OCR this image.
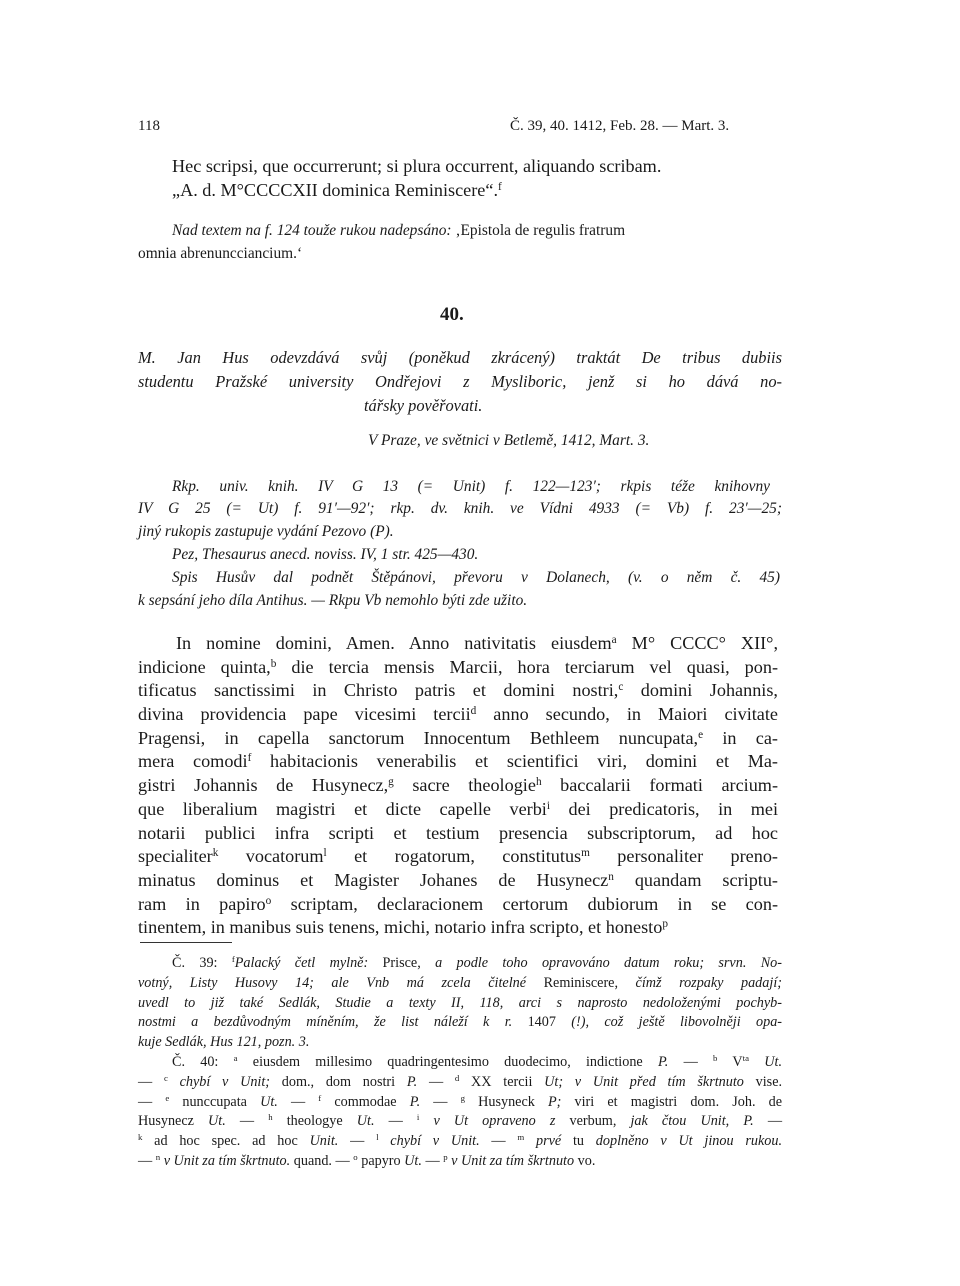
118	Č. 39, 40. 1412, Feb. 28. — Mart. 3.
Hec scripsi, que occurrerunt; si plura occurrent, aliquando scribam.
„A. d. M°CCCCXII dominica Reminiscere“.$^f$
Nad textem na f. 124 touže rukou nadepsáno: ‚Epistola de regulis fratrum
omnia abrenuncciancium.‘
40.
M. Jan Hus odevzdává svůj (poněkud zkrácený) traktát De tribus dubiis
studentu Pražské university Ondřejovi z Mysliboric, jenž si ho dává no-
tářsky pověřovati.
V Praze, ve světnici v Betlemě, 1412, Mart. 3.
Rkp. univ. knih. IV G 13 (= Unit) f. 122—123′; rkpis téže knihovny
IV G 25 (= Ut) f. 91′—92′; rkp. dv. knih. ve Vídni 4933 (= Vb) f. 23′—25;
jiný rukopis zastupuje vydání Pezovo (P).
Pez, Thesaurus anecd. noviss. IV, 1 str. 425—430.
Spis Husův dal podnět Štěpánovi, převoru v Dolanech, (v. o něm č. 45)
k sepsání jeho díla Antihus. — Rkpu Vb nemohlo býti zde užito.
In nomine domini, Amen. Anno nativitatis eiusdem$^a$ M° CCCC° XII°,
indicione quinta,$^b$ die tercia mensis Marcii, hora terciarum vel quasi, pon-
tificatus sanctissimi in Christo patris et domini nostri,$^c$ domini Johannis,
divina providencia pape vicesimi tercii$^d$ anno secundo, in Maiori civitate
Pragensi, in capella sanctorum Innocentum Bethleem nuncupata,$^e$ in ca-
mera comodi$^f$ habitacionis venerabilis et scientifici viri, domini et Ma-
gistri Johannis de Husynecz,$^g$ sacre theologie$^h$ baccalarii formati arcium-
que liberalium magistri et dicte capelle verbi$^i$ dei predicatoris, in mei
notarii publici infra scripti et testium presencia subscriptorum, ad hoc
specialiter$^k$ vocatorum$^l$ et rogatorum, constitutus$^m$ personaliter preno-
minatus dominus et Magister Johanes de Husynecz$^n$ quandam scriptu-
ram in papiro$^o$ scriptam, declaracionem certorum dubiorum in se con-
tinentem, in manibus suis tenens, michi, notario infra scripto, et honesto$^p$
Č. 39: $^f$Palacký četl mylně: Prisce, a podle toho opravováno datum roku; srvn. No-
votný, Listy Husovy 14; ale Vnb má zcela čitelné Reminiscere, čímž rozpaky padají;
uvedl to již také Sedlák, Studie a texty II, 118, arci s naprosto nedoloženými pochyb-
nostmi a bezdůvodným míněním, že list náleží k r. 1407 (!), což ještě libovolněji opa-
kuje Sedlák, Hus 121, pozn. 3.
Č. 40: $^a$ eiusdem millesimo quadringentesimo duodecimo, indictione P. — $^b$ $V^{ta}$ Ut.
— $^c$ chybí v Unit; dom., dom nostri P. — $^d$ XX tercii Ut; v Unit před tím škrtnuto vise.
— $^e$ nunccupata Ut. — $^f$ commodae P. — $^g$ Husyneck P; viri et magistri dom. Joh. de
Husynecz Ut. — $^h$ theologye Ut. — $^i$ v Ut opraveno z verbum, jak čtou Unit, P. —
$^k$ ad hoc spec. ad hoc Unit. — $^l$ chybí v Unit. — $^m$ prvé tu doplněno v Ut jinou rukou.
— $^n$ v Unit za tím škrtnuto. quand. — $^o$ papyro Ut. — $^p$ v Unit za tím škrtnuto vo.
